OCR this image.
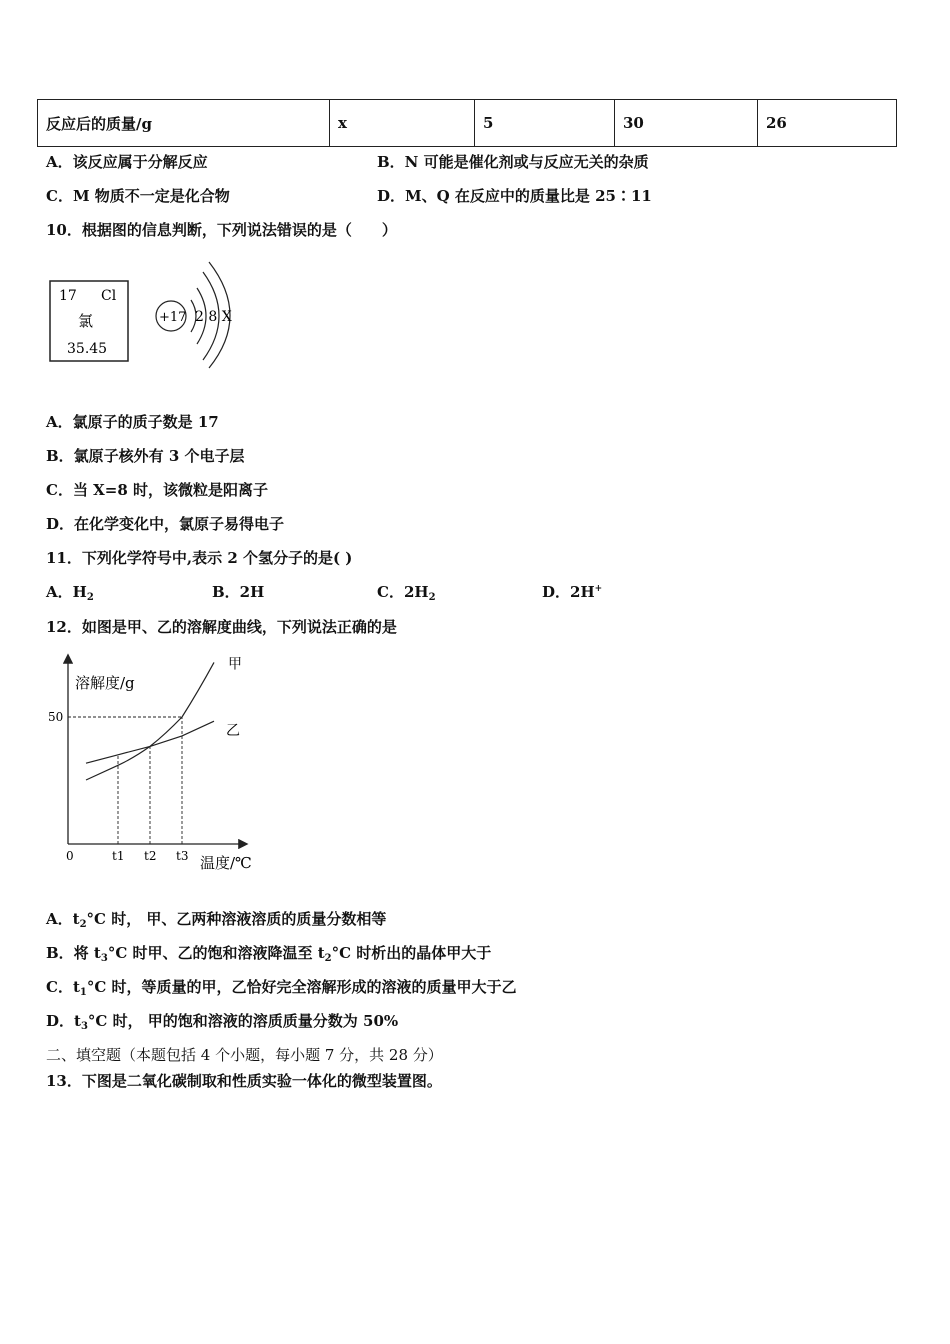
反应后的质量/g	x	5	30	26
A．该反应属于分解反应	B．N 可能是催化剂或与反应无关的杂质
C．M 物质不一定是化合物	D．M、Q 在反应中的质量比是 25∶11
10．根据图的信息判断，下列说法错误的是（　　）
17 Cl
氯
35.45
+17 2 8 X
A．氯原子的质子数是 17
B．氯原子核外有 3 个电子层
C．当 X=8 时，该微粒是阳离子
D．在化学变化中，氯原子易得电子
11．下列化学符号中,表示 2 个氢分子的是( )
A．$H_2$	B．2H	C．$2H_2$	D．2H+
12．如图是甲、乙的溶解度曲线，下列说法正确的是
溶解度/g
温度/℃
0
50
t1 t2 t3
甲
乙
A．$t_2^\circ C$ 时， 甲、乙两种溶液溶质的质量分数相等
B．将 $t_3^\circ C$ 时甲、乙的饱和溶液降温至 $t_2^\circ C$ 时析出的晶体甲大于
C．$t_1^\circ C$ 时，等质量的甲，乙恰好完全溶解形成的溶液的质量甲大于乙
D．$t_3^\circ C$ 时， 甲的饱和溶液的溶质质量分数为 50%
二、填空题（本题包括 4 个小题，每小题 7 分，共 28 分）
13．下图是二氧化碳制取和性质实验一体化的微型装置图。
